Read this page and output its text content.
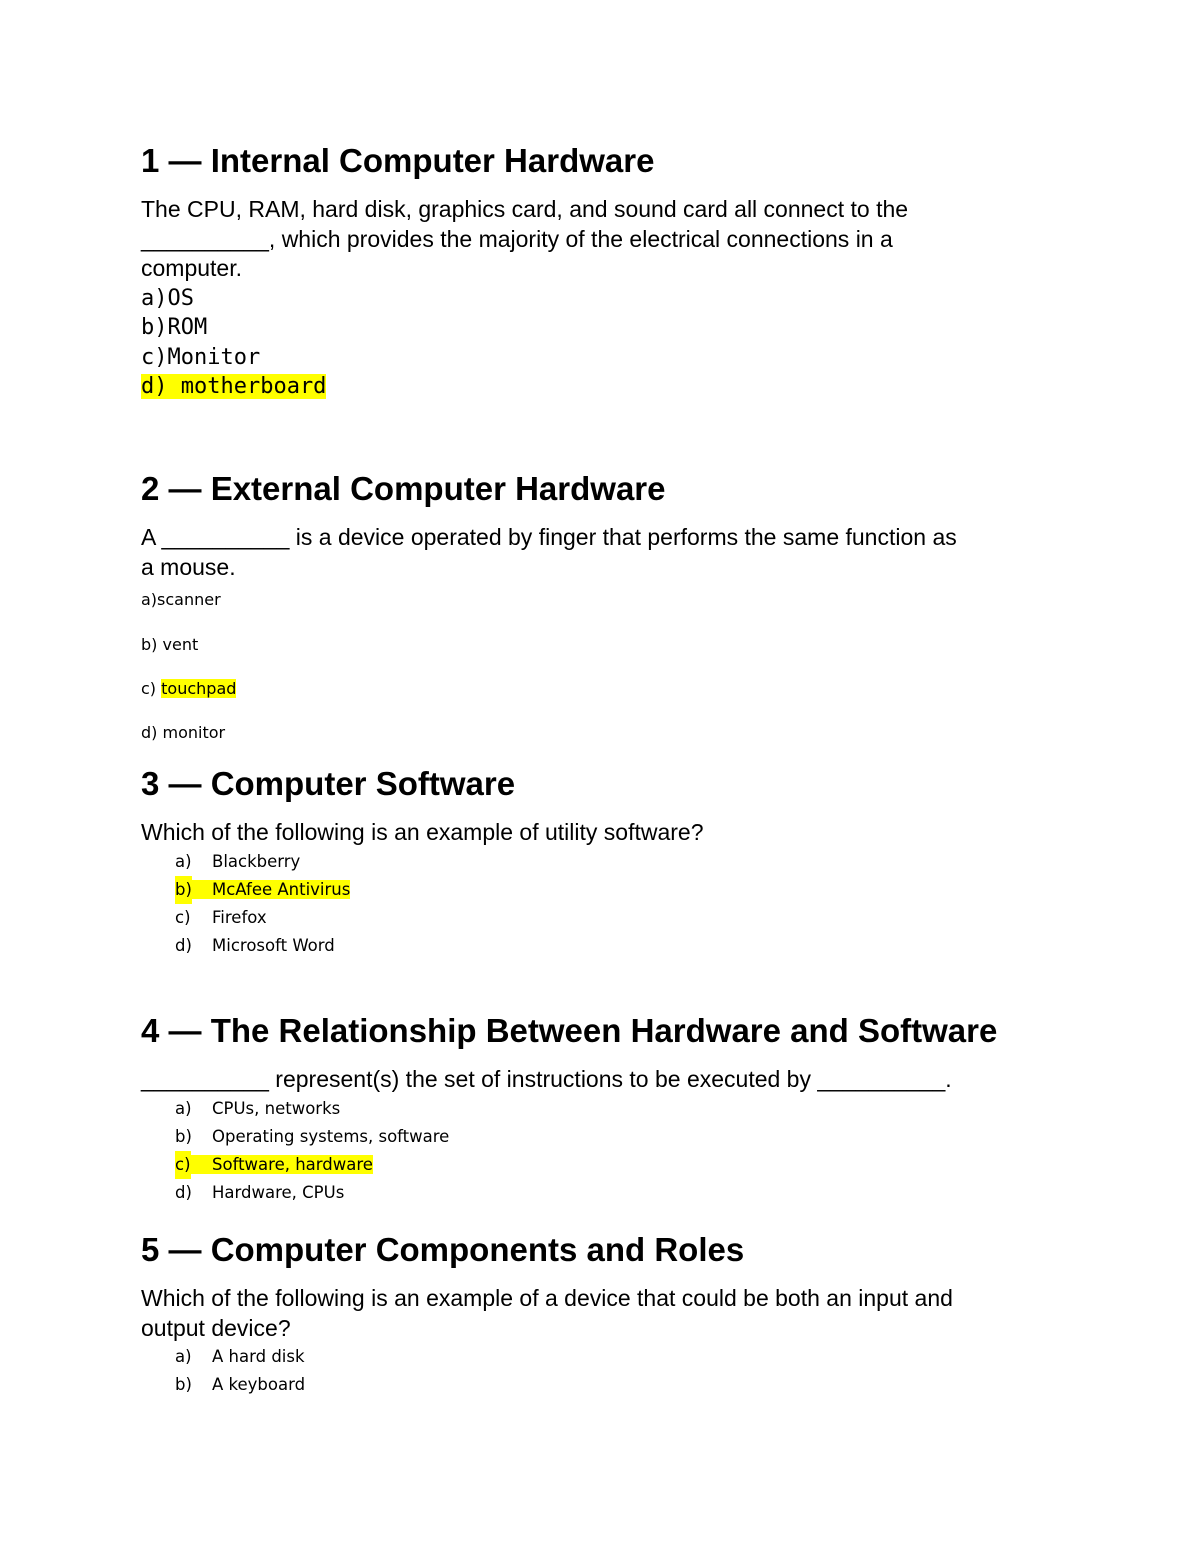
1 — Internal Computer Hardware

The CPU, RAM, hard disk, graphics card, and sound card all connect to the

__________, which provides the majority of the electrical connections in a

computer.

a)OS
b)ROM
c)Monitor
d) motherboard
2 — External Computer Hardware

A __________ is a device operated by finger that performs the same function as

a mouse.

a)scanner
b) vent
c) touchpad
d) monitor
3 — Computer Software

Which of the following is an example of utility software?

a) Blackberry
b) McAfee Antivirus
c) Firefox
d) Microsoft Word
4 — The Relationship Between Hardware and Software

__________ represent(s) the set of instructions to be executed by __________.

a) CPUs, networks
b) Operating systems, software
c) Software, hardware
d) Hardware, CPUs
5 — Computer Components and Roles

Which of the following is an example of a device that could be both an input and

output device?

a) A hard disk
b) A keyboard
